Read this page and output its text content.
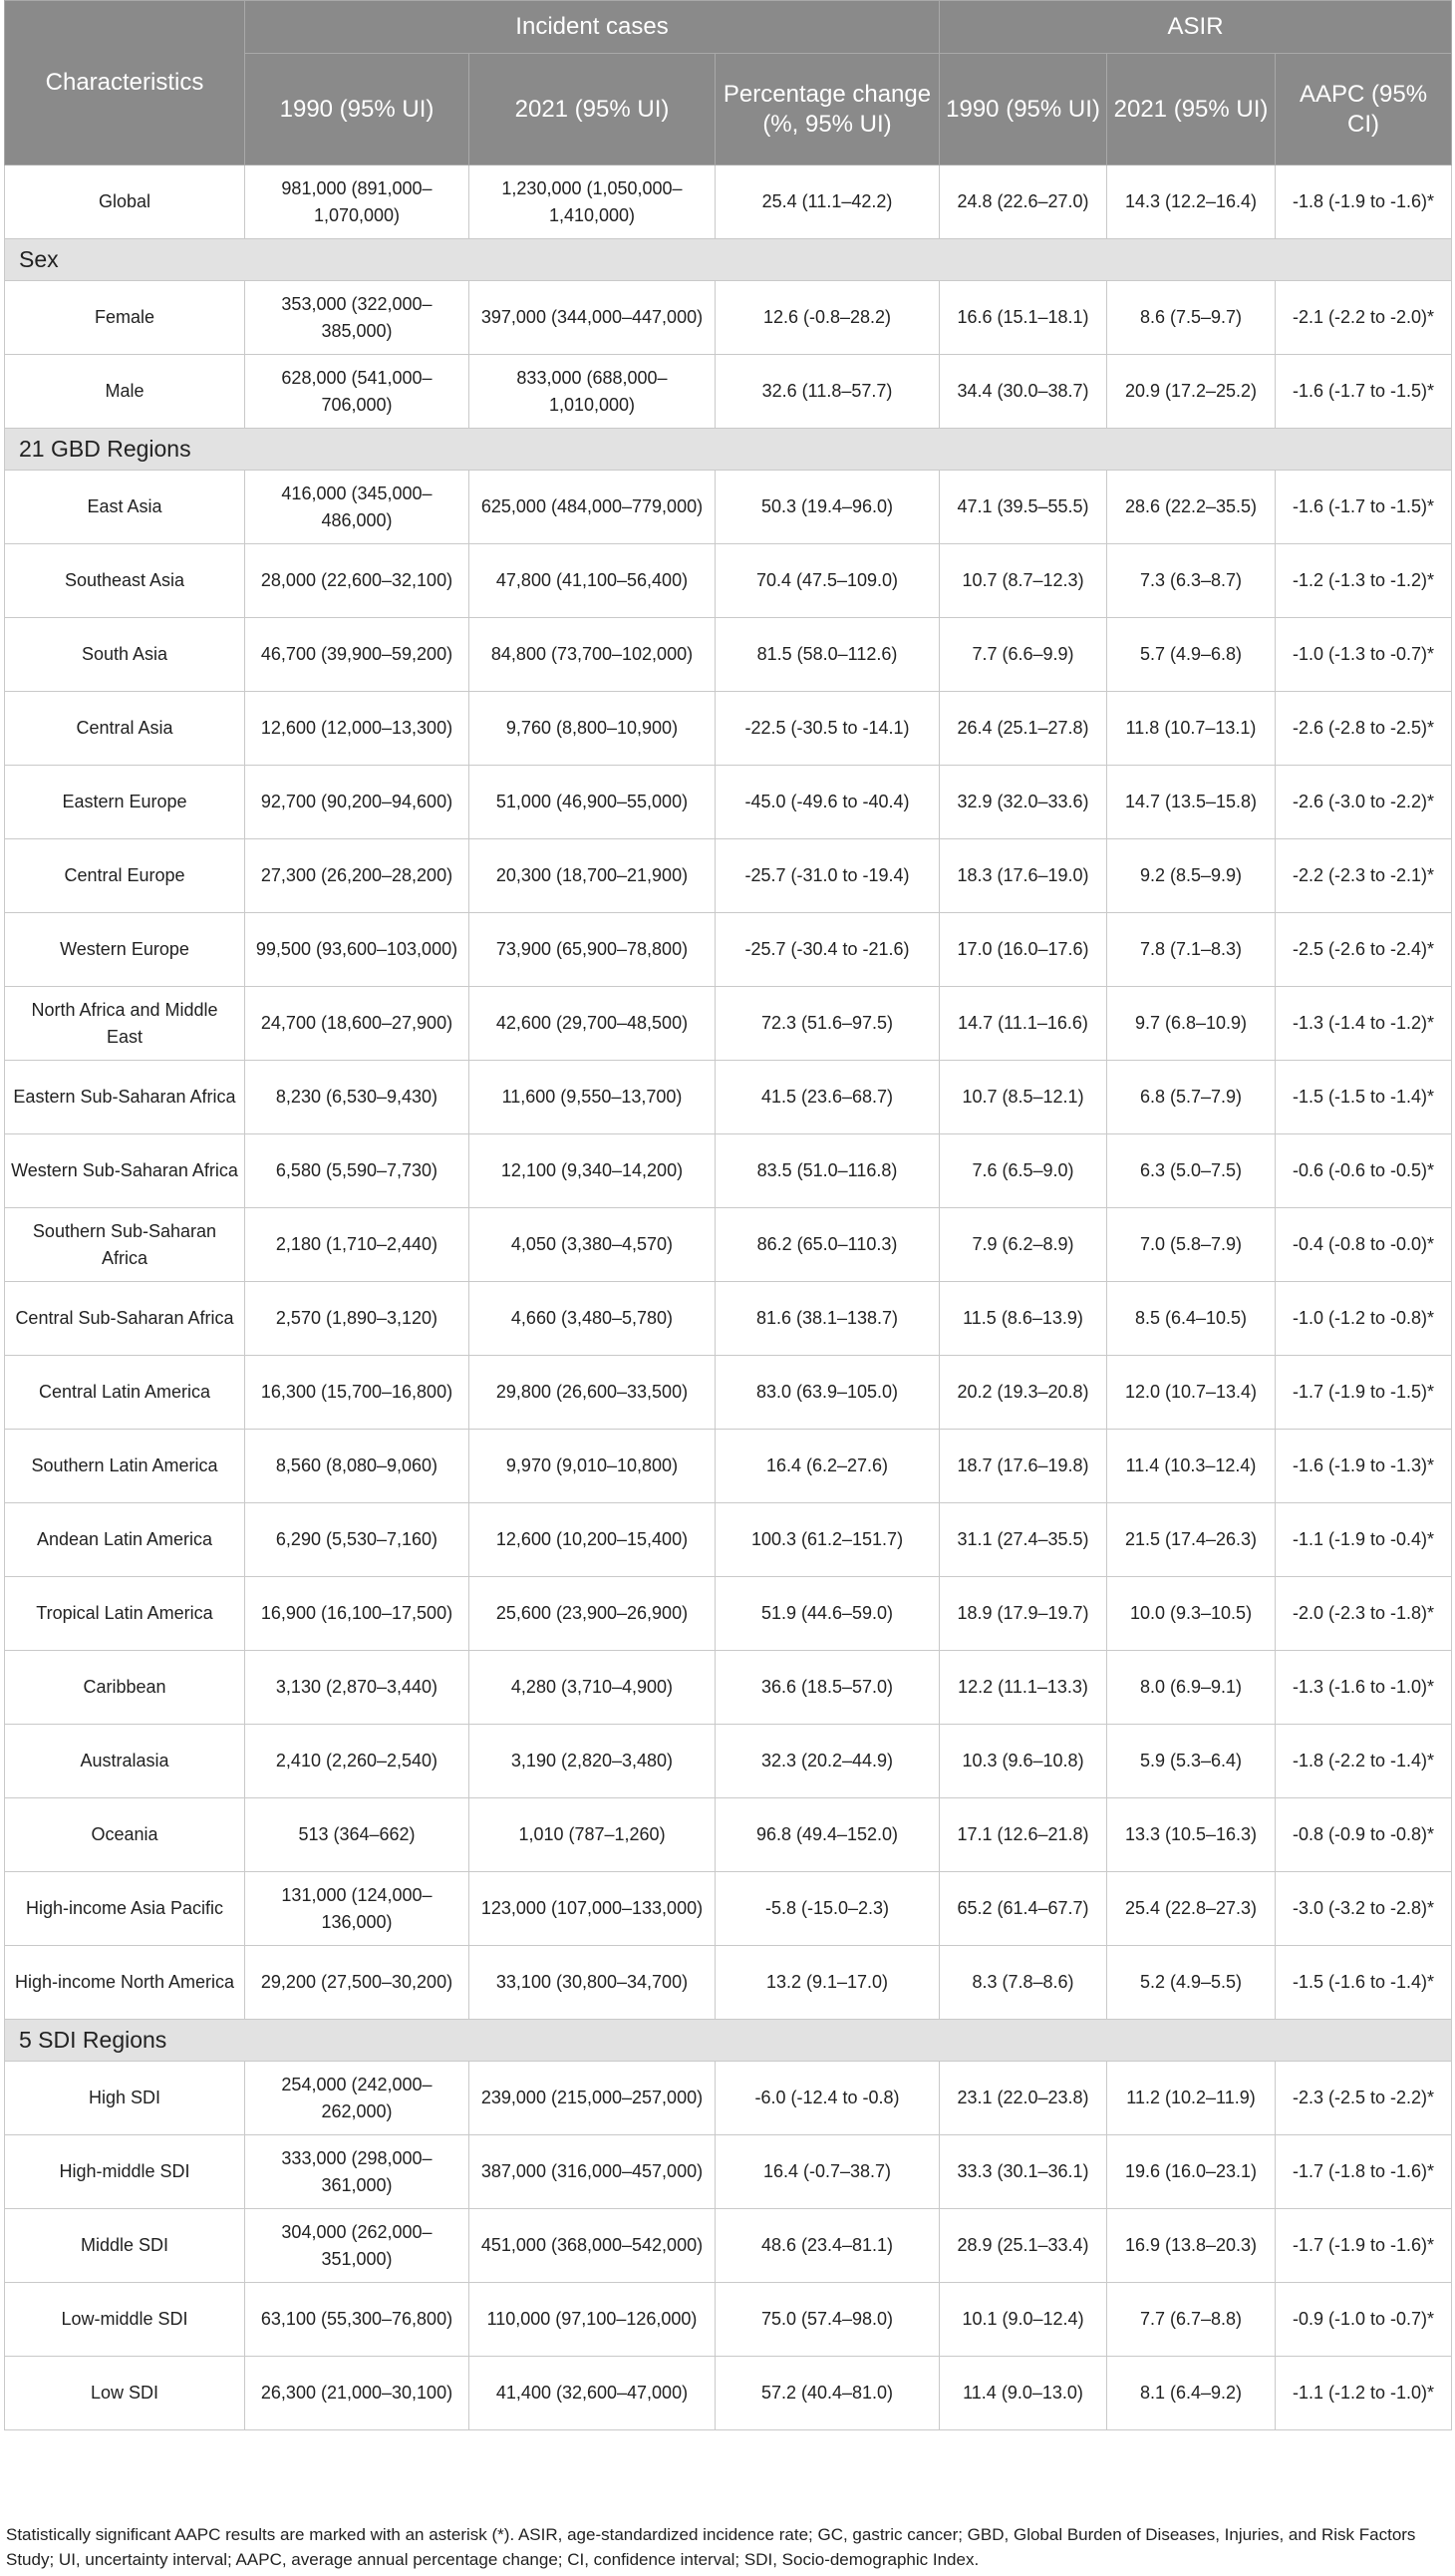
Characteristics	Incident cases			ASIR		
	1990 (95% UI)	2021 (95% UI)	Percentage change (%, 95% UI)	1990 (95% UI)	2021 (95% UI)	AAPC (95% CI)
Global	981,000 (891,000–1,070,000)	1,230,000 (1,050,000–1,410,000)	25.4 (11.1–42.2)	24.8 (22.6–27.0)	14.3 (12.2–16.4)	-1.8 (-1.9 to -1.6)*
Sex						
Female	353,000 (322,000–385,000)	397,000 (344,000–447,000)	12.6 (-0.8–28.2)	16.6 (15.1–18.1)	8.6 (7.5–9.7)	-2.1 (-2.2 to -2.0)*
Male	628,000 (541,000–706,000)	833,000 (688,000–1,010,000)	32.6 (11.8–57.7)	34.4 (30.0–38.7)	20.9 (17.2–25.2)	-1.6 (-1.7 to -1.5)*
21 GBD Regions						
East Asia	416,000 (345,000–486,000)	625,000 (484,000–779,000)	50.3 (19.4–96.0)	47.1 (39.5–55.5)	28.6 (22.2–35.5)	-1.6 (-1.7 to -1.5)*
Southeast Asia	28,000 (22,600–32,100)	47,800 (41,100–56,400)	70.4 (47.5–109.0)	10.7 (8.7–12.3)	7.3 (6.3–8.7)	-1.2 (-1.3 to -1.2)*
South Asia	46,700 (39,900–59,200)	84,800 (73,700–102,000)	81.5 (58.0–112.6)	7.7 (6.6–9.9)	5.7 (4.9–6.8)	-1.0 (-1.3 to -0.7)*
Central Asia	12,600 (12,000–13,300)	9,760 (8,800–10,900)	-22.5 (-30.5 to -14.1)	26.4 (25.1–27.8)	11.8 (10.7–13.1)	-2.6 (-2.8 to -2.5)*
Eastern Europe	92,700 (90,200–94,600)	51,000 (46,900–55,000)	-45.0 (-49.6 to -40.4)	32.9 (32.0–33.6)	14.7 (13.5–15.8)	-2.6 (-3.0 to -2.2)*
Central Europe	27,300 (26,200–28,200)	20,300 (18,700–21,900)	-25.7 (-31.0 to -19.4)	18.3 (17.6–19.0)	9.2 (8.5–9.9)	-2.2 (-2.3 to -2.1)*
Western Europe	99,500 (93,600–103,000)	73,900 (65,900–78,800)	-25.7 (-30.4 to -21.6)	17.0 (16.0–17.6)	7.8 (7.1–8.3)	-2.5 (-2.6 to -2.4)*
North Africa and Middle East	24,700 (18,600–27,900)	42,600 (29,700–48,500)	72.3 (51.6–97.5)	14.7 (11.1–16.6)	9.7 (6.8–10.9)	-1.3 (-1.4 to -1.2)*
Eastern Sub-Saharan Africa	8,230 (6,530–9,430)	11,600 (9,550–13,700)	41.5 (23.6–68.7)	10.7 (8.5–12.1)	6.8 (5.7–7.9)	-1.5 (-1.5 to -1.4)*
Western Sub-Saharan Africa	6,580 (5,590–7,730)	12,100 (9,340–14,200)	83.5 (51.0–116.8)	7.6 (6.5–9.0)	6.3 (5.0–7.5)	-0.6 (-0.6 to -0.5)*
Southern Sub-Saharan Africa	2,180 (1,710–2,440)	4,050 (3,380–4,570)	86.2 (65.0–110.3)	7.9 (6.2–8.9)	7.0 (5.8–7.9)	-0.4 (-0.8 to -0.0)*
Central Sub-Saharan Africa	2,570 (1,890–3,120)	4,660 (3,480–5,780)	81.6 (38.1–138.7)	11.5 (8.6–13.9)	8.5 (6.4–10.5)	-1.0 (-1.2 to -0.8)*
Central Latin America	16,300 (15,700–16,800)	29,800 (26,600–33,500)	83.0 (63.9–105.0)	20.2 (19.3–20.8)	12.0 (10.7–13.4)	-1.7 (-1.9 to -1.5)*
Southern Latin America	8,560 (8,080–9,060)	9,970 (9,010–10,800)	16.4 (6.2–27.6)	18.7 (17.6–19.8)	11.4 (10.3–12.4)	-1.6 (-1.9 to -1.3)*
Andean Latin America	6,290 (5,530–7,160)	12,600 (10,200–15,400)	100.3 (61.2–151.7)	31.1 (27.4–35.5)	21.5 (17.4–26.3)	-1.1 (-1.9 to -0.4)*
Tropical Latin America	16,900 (16,100–17,500)	25,600 (23,900–26,900)	51.9 (44.6–59.0)	18.9 (17.9–19.7)	10.0 (9.3–10.5)	-2.0 (-2.3 to -1.8)*
Caribbean	3,130 (2,870–3,440)	4,280 (3,710–4,900)	36.6 (18.5–57.0)	12.2 (11.1–13.3)	8.0 (6.9–9.1)	-1.3 (-1.6 to -1.0)*
Australasia	2,410 (2,260–2,540)	3,190 (2,820–3,480)	32.3 (20.2–44.9)	10.3 (9.6–10.8)	5.9 (5.3–6.4)	-1.8 (-2.2 to -1.4)*
Oceania	513 (364–662)	1,010 (787–1,260)	96.8 (49.4–152.0)	17.1 (12.6–21.8)	13.3 (10.5–16.3)	-0.8 (-0.9 to -0.8)*
High-income Asia Pacific	131,000 (124,000–136,000)	123,000 (107,000–133,000)	-5.8 (-15.0–2.3)	65.2 (61.4–67.7)	25.4 (22.8–27.3)	-3.0 (-3.2 to -2.8)*
High-income North America	29,200 (27,500–30,200)	33,100 (30,800–34,700)	13.2 (9.1–17.0)	8.3 (7.8–8.6)	5.2 (4.9–5.5)	-1.5 (-1.6 to -1.4)*
5 SDI Regions						
High SDI	254,000 (242,000–262,000)	239,000 (215,000–257,000)	-6.0 (-12.4 to -0.8)	23.1 (22.0–23.8)	11.2 (10.2–11.9)	-2.3 (-2.5 to -2.2)*
High-middle SDI	333,000 (298,000–361,000)	387,000 (316,000–457,000)	16.4 (-0.7–38.7)	33.3 (30.1–36.1)	19.6 (16.0–23.1)	-1.7 (-1.8 to -1.6)*
Middle SDI	304,000 (262,000–351,000)	451,000 (368,000–542,000)	48.6 (23.4–81.1)	28.9 (25.1–33.4)	16.9 (13.8–20.3)	-1.7 (-1.9 to -1.6)*
Low-middle SDI	63,100 (55,300–76,800)	110,000 (97,100–126,000)	75.0 (57.4–98.0)	10.1 (9.0–12.4)	7.7 (6.7–8.8)	-0.9 (-1.0 to -0.7)*
Low SDI	26,300 (21,000–30,100)	41,400 (32,600–47,000)	57.2 (40.4–81.0)	11.4 (9.0–13.0)	8.1 (6.4–9.2)	-1.1 (-1.2 to -1.0)*
Statistically significant AAPC results are marked with an asterisk (*). ASIR, age-standardized incidence rate; GC, gastric cancer; GBD, Global Burden of Diseases, Injuries, and Risk Factors Study; UI, uncertainty interval; AAPC, average annual percentage change; CI, confidence interval; SDI, Socio-demographic Index.
